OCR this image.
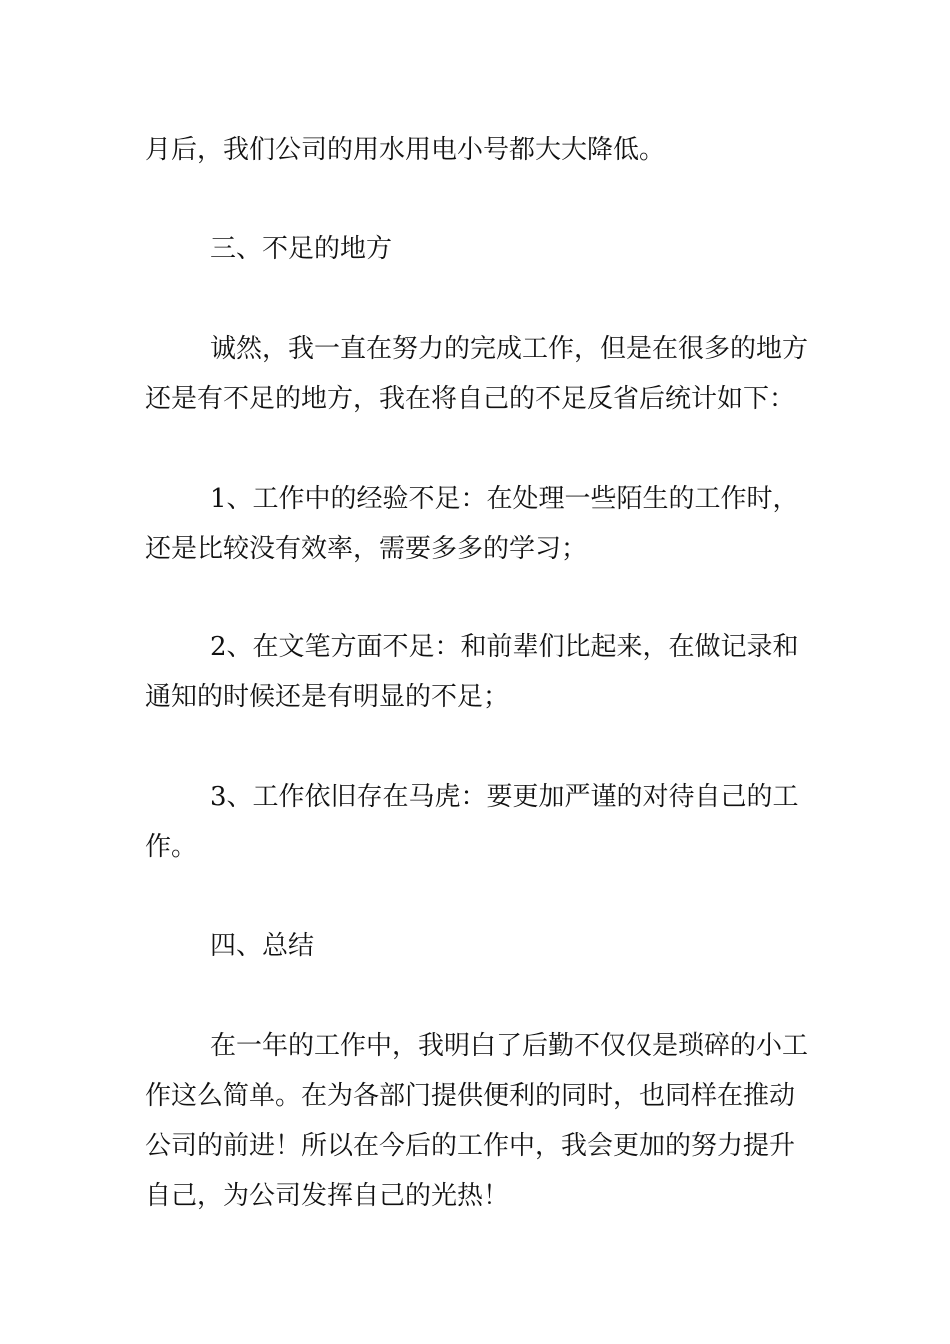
月后，我们公司的用水用电小号都大大降低。
三、不足的地方
诚然，我一直在努力的完成工作，但是在很多的地方
还是有不足的地方，我在将自己的不足反省后统计如下：
1、工作中的经验不足：在处理一些陌生的工作时，
还是比较没有效率，需要多多的学习；
2、在文笔方面不足：和前辈们比起来，在做记录和
通知的时候还是有明显的不足；
3、工作依旧存在马虎：要更加严谨的对待自己的工
作。
四、总结
在一年的工作中，我明白了后勤不仅仅是琐碎的小工
作这么简单。在为各部门提供便利的同时，也同样在推动
公司的前进！所以在今后的工作中，我会更加的努力提升
自己，为公司发挥自己的光热！
